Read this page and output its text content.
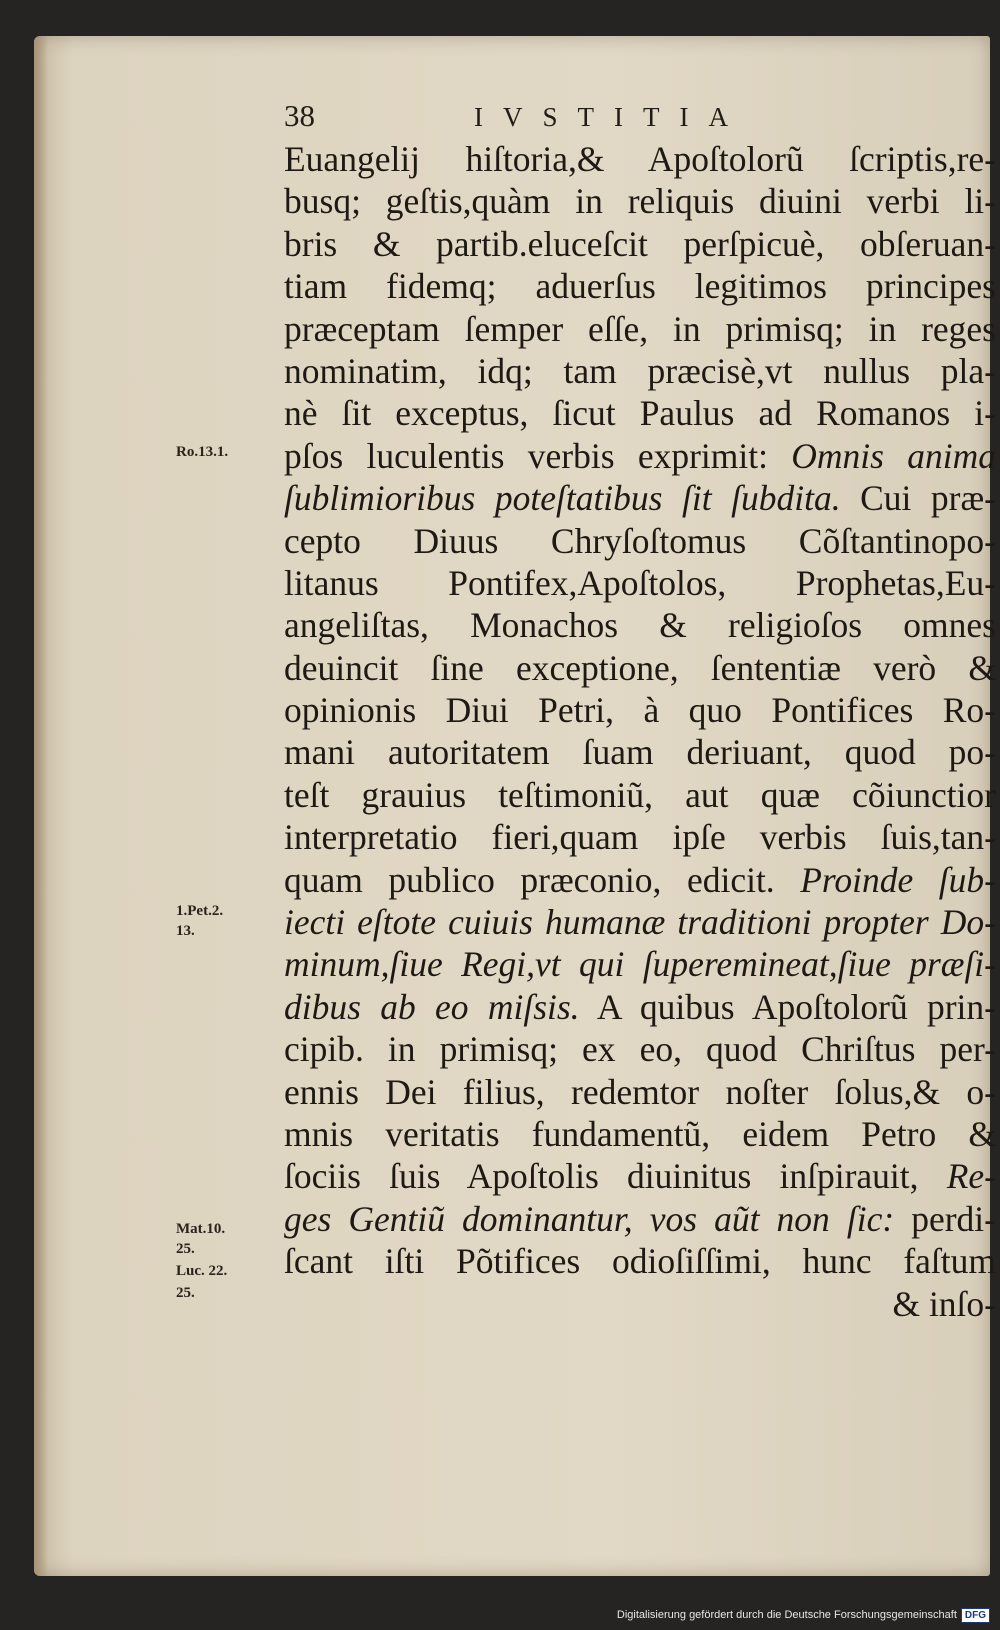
38	IVSTITIA
Ro.13.1.
1.Pet.2.
13.
Mat.10.
25.
Luc. 22.
25.
Euangelij hiſtoria,& Apoſtolorũ ſcriptis,re-
busq; geſtis,quàm in reliquis diuini verbi li-
bris & partib.eluceſcit perſpicuè, obſeruan-
tiam fidemq; aduerſus legitimos principes
præceptam ſemper eſſe, in primisq; in reges
nominatim, idq; tam præcisè,vt nullus pla-
nè ſit exceptus, ſicut Paulus ad Romanos i-
pſos luculentis verbis exprimit: Omnis anima
ſublimioribus poteſtatibus ſit ſubdita. Cui præ-
cepto Diuus Chryſoſtomus Cõſtantinopo-
litanus Pontifex,Apoſtolos, Prophetas,Eu-
angeliſtas, Monachos & religioſos omnes
deuincit ſine exceptione, ſententiæ verò &
opinionis Diui Petri, à quo Pontifices Ro-
mani autoritatem ſuam deriuant, quod po-
teſt grauius teſtimoniũ, aut quæ cõiunctior
interpretatio fieri,quam ipſe verbis ſuis,tan-
quam publico præconio, edicit. Proinde ſub-
iecti eſtote cuiuis humanæ traditioni propter Do-
minum,ſiue Regi,vt qui ſupereminеat,ſiue præſi-
dibus ab eo miſsis. A quibus Apoſtolorũ prin-
cipib. in primisq; ex eo, quod Chriſtus per-
ennis Dei filius, redemtor noſter ſolus,& o-
mnis veritatis fundamentũ, eidem Petro &
ſociis ſuis Apoſtolis diuinitus inſpirauit, Re-
ges Gentiũ dominantur, vos aũt non ſic: perdi-
ſcant iſti Põtifices odioſiſſimi, hunc faſtum
& inſo-
Digitalisierung gefördert durch die Deutsche Forschungsgemeinschaft DFG
